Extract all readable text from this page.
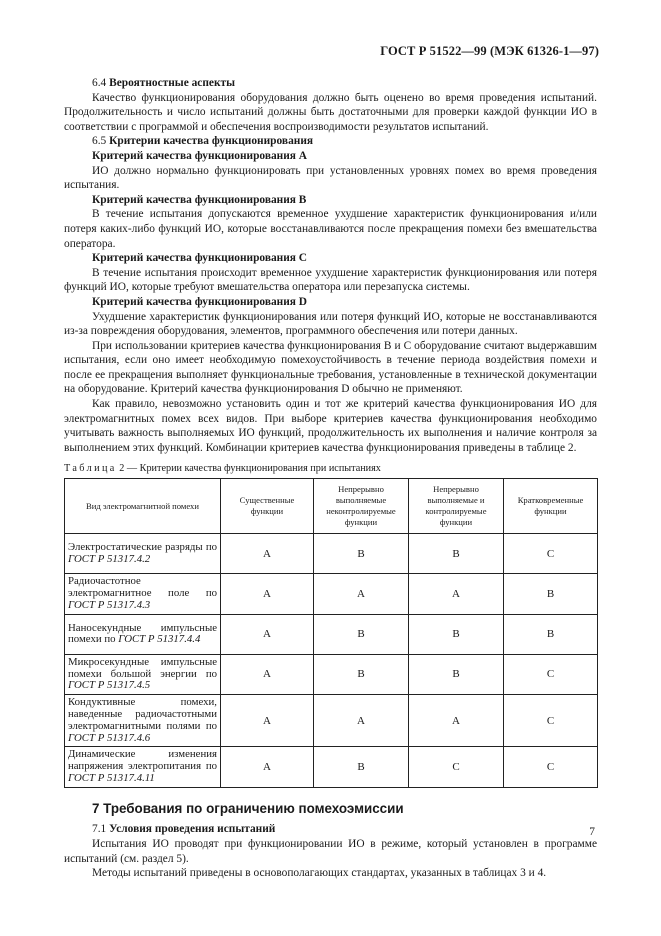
ГОСТ Р 51522—99 (МЭК 61326-1—97)

6.4 Вероятностные аспекты

Качество функционирования оборудования должно быть оценено во время проведения испытаний. Продолжительность и число испытаний должны быть достаточными для проверки каждой функции ИО в соответствии с программой и обеспечения воспроизводимости результатов испытаний.

6.5 Критерии качества функционирования

Критерий качества функционирования А

ИО должно нормально функционировать при установленных уровнях помех во время проведения испытания.

Критерий качества функционирования В

В течение испытания допускаются временное ухудшение характеристик функционирования и/или потеря каких-либо функций ИО, которые восстанавливаются после прекращения помехи без вмешательства оператора.

Критерий качества функционирования С

В течение испытания происходит временное ухудшение характеристик функционирования или потеря функций ИО, которые требуют вмешательства оператора или перезапуска системы.

Критерий качества функционирования D

Ухудшение характеристик функционирования или потеря функций ИО, которые не восстанавливаются из-за повреждения оборудования, элементов, программного обеспечения или потери данных.

При использовании критериев качества функционирования В и С оборудование считают выдержавшим испытания, если оно имеет необходимую помехоустойчивость в течение периода воздействия помехи и после ее прекращения выполняет функциональные требования, установленные в технической документации на оборудование. Критерий качества функционирования D обычно не применяют.

Как правило, невозможно установить один и тот же критерий качества функционирования ИО для электромагнитных помех всех видов. При выборе критериев качества функционирования необходимо учитывать важность выполняемых ИО функций, продолжительность их выполнения и наличие контроля за выполнением этих функций. Комбинации критериев качества функционирования приведены в таблице 2.

Таблица 2 — Критерии качества функционирования при испытаниях
Вид электромагнитной помехи	Существенные функции	Непрерывно выполняемые неконтролируемые функции	Непрерывно выполняемые и контролируемые функции	Кратковременные функции
Электростатические разряды по ГОСТ Р 51317.4.2	А	В	В	С
Радиочастотное электромагнитное поле по ГОСТ Р 51317.4.3	А	А	А	В
Наносекундные импульсные помехи по ГОСТ Р 51317.4.4	А	В	В	В
Микросекундные импульсные помехи большой энергии по ГОСТ Р 51317.4.5	А	В	В	С
Кондуктивные помехи, наведенные радиочастотными электромагнитными полями по ГОСТ Р 51317.4.6	А	А	А	С
Динамические изменения напряжения электропитания по ГОСТ Р 51317.4.11	А	В	С	С
7 Требования по ограничению помехоэмиссии

7.1 Условия проведения испытаний

Испытания ИО проводят при функционировании ИО в режиме, который установлен в программе испытаний (см. раздел 5).

Методы испытаний приведены в основополагающих стандартах, указанных в таблицах 3 и 4.

7
